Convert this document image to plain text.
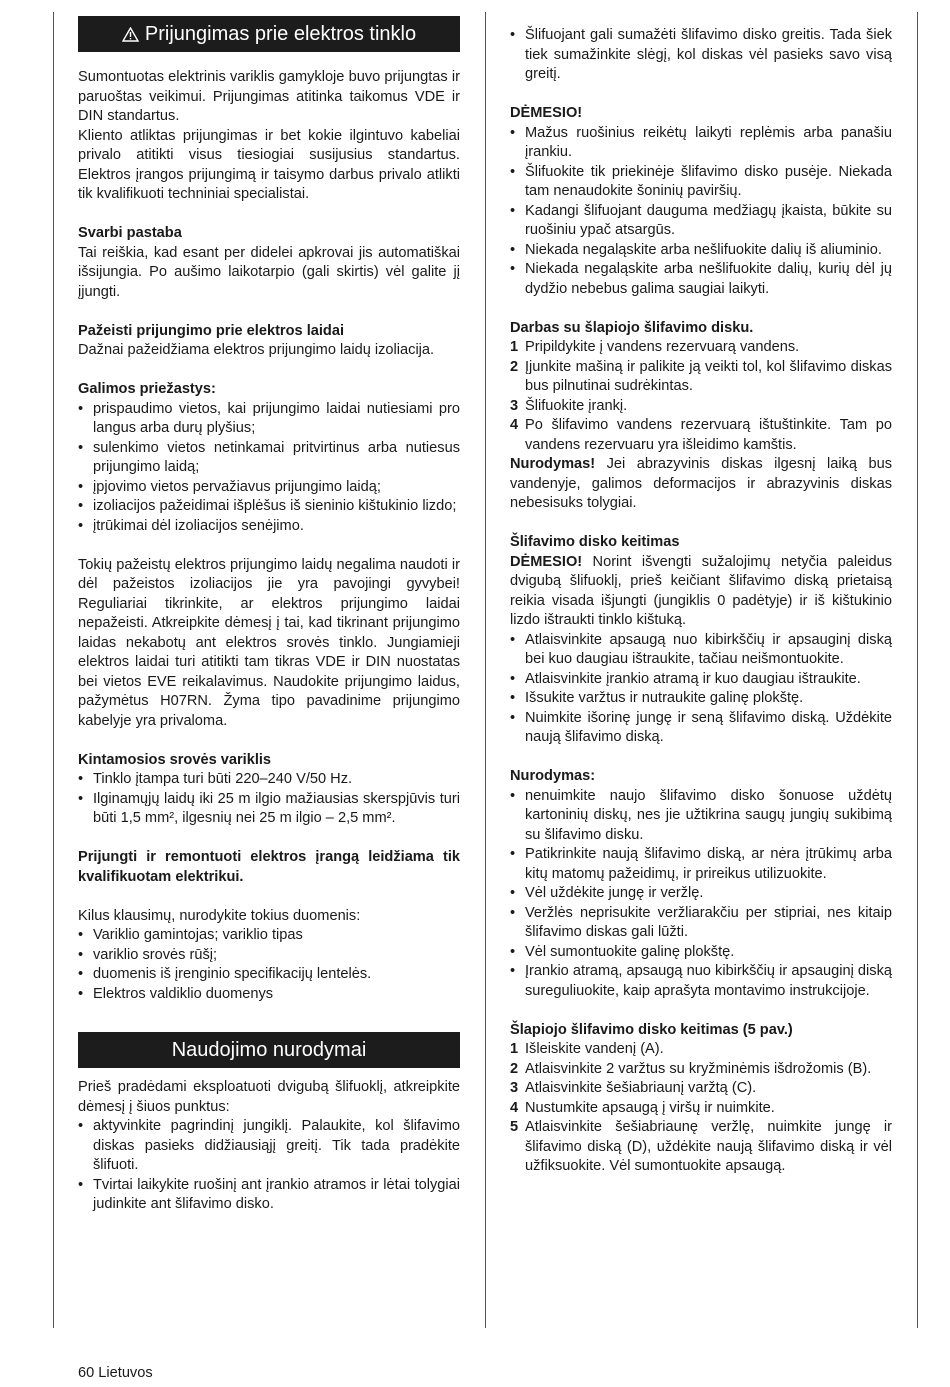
Prijungimas prie elektros tinklo

Sumontuotas elektrinis variklis gamykloje buvo prijungtas ir paruoštas veikimui. Prijungimas atitinka taikomus VDE ir DIN standartus.

Kliento atliktas prijungimas ir bet kokie ilgintuvo kabeliai privalo atitikti visus tiesiogiai susijusius standartus. Elektros įrangos prijungimą ir taisymo darbus privalo atlikti tik kvalifikuoti techniniai specialistai.

Svarbi pastaba

Tai reiškia, kad esant per didelei apkrovai jis automatiškai išsijungia. Po aušimo laikotarpio (gali skirtis) vėl galite jį įjungti.

Pažeisti prijungimo prie elektros laidai

Dažnai pažeidžiama elektros prijungimo laidų izoliacija.

Galimos priežastys:
• prispaudimo vietos, kai prijungimo laidai nutiesiami pro langus arba durų plyšius;
• sulenkimo vietos netinkamai pritvirtinus arba nutiesus prijungimo laidą;
• įpjovimo vietos pervažiavus prijungimo laidą;
• izoliacijos pažeidimai išplėšus iš sieninio kištukinio lizdo;
• įtrūkimai dėl izoliacijos senėjimo.

Tokių pažeistų elektros prijungimo laidų negalima naudoti ir dėl pažeistos izoliacijos jie yra pavojingi gyvybei! Reguliariai tikrinkite, ar elektros prijungimo laidai nepažeisti. Atkreipkite dėmesį į tai, kad tikrinant prijungimo laidas nekabotų ant elektros srovės tinklo. Jungiamieji elektros laidai turi atitikti tam tikras VDE ir DIN nuostatas bei vietos EVE reikalavimus. Naudokite prijungimo laidus, pažymėtus H07RN. Žyma tipo pavadinime prijungimo kabelyje yra privaloma.

Kintamosios srovės variklis
• Tinklo įtampa turi būti 220–240 V/50 Hz.
• Ilginamųjų laidų iki 25 m ilgio mažiausias skerspjūvis turi būti 1,5 mm², ilgesnių nei 25 m ilgio – 2,5 mm².
Prijungti ir remontuoti elektros įrangą leidžiama tik kvalifikuotam elektrikui.

Kilus klausimų, nurodykite tokius duomenis:

• Variklio gamintojas; variklio tipas
• variklio srovės rūšį;
• duomenis iš įrenginio specifikacijų lentelės.
• Elektros valdiklio duomenys
Naudojimo nurodymai

Prieš pradėdami eksploatuoti dvigubą šlifuoklį, atkreipkite dėmesį į šiuos punktus:

• aktyvinkite pagrindinį jungiklį. Palaukite, kol šlifavimo diskas pasieks didžiausiąjį greitį. Tik tada pradėkite šlifuoti.
• Tvirtai laikykite ruošinį ant įrankio atramos ir lėtai tolygiai judinkite ant šlifavimo disko.
• Šlifuojant gali sumažėti šlifavimo disko greitis. Tada šiek tiek sumažinkite slėgį, kol diskas vėl pasieks savo visą greitį.
DĖMESIO!
• Mažus ruošinius reikėtų laikyti replėmis arba panašiu įrankiu.
• Šlifuokite tik priekinėje šlifavimo disko pusėje. Niekada tam nenaudokite šoninių paviršių.
• Kadangi šlifuojant dauguma medžiagų įkaista, būkite su ruošiniu ypač atsargūs.
• Niekada negaląskite arba nešlifuokite dalių iš aliuminio.
• Niekada negaląskite arba nešlifuokite dalių, kurių dėl jų dydžio nebebus galima saugiai laikyti.
Darbas su šlapiojo šlifavimo disku.
1 Pripildykite į vandens rezervuarą vandens.
2 Įjunkite mašiną ir palikite ją veikti tol, kol šlifavimo diskas bus pilnutinai sudrėkintas.
3 Šlifuokite įrankį.
4 Po šlifavimo vandens rezervuarą ištuštinkite. Tam po vandens rezervuaru yra išleidimo kamštis.

Nurodymas! Jei abrazyvinis diskas ilgesnį laiką bus vandenyje, galimos deformacijos ir abrazyvinis diskas nebesisuks tolygiai.

Šlifavimo disko keitimas

DĖMESIO! Norint išvengti sužalojimų netyčia paleidus dvigubą šlifuoklį, prieš keičiant šlifavimo diską prietaisą reikia visada išjungti (jungiklis 0 padėtyje) ir iš kištukinio lizdo ištraukti tinklo kištuką.

• Atlaisvinkite apsaugą nuo kibirkščių ir apsauginį diską bei kuo daugiau ištraukite, tačiau neišmontuokite.
• Atlaisvinkite įrankio atramą ir kuo daugiau ištraukite.
• Išsukite varžtus ir nutraukite galinę plokštę.
• Nuimkite išorinę jungę ir seną šlifavimo diską. Uždėkite naują šlifavimo diską.
Nurodymas:
• nenuimkite naujo šlifavimo disko šonuose uždėtų kartoninių diskų, nes jie užtikrina saugų jungių sukibimą su šlifavimo disku.
• Patikrinkite naują šlifavimo diską, ar nėra įtrūkimų arba kitų matomų pažeidimų, ir prireikus utilizuokite.
• Vėl uždėkite jungę ir veržlę.
• Veržlės neprisukite veržliarakčiu per stipriai, nes kitaip šlifavimo diskas gali lūžti.
• Vėl sumontuokite galinę plokštę.
• Įrankio atramą, apsaugą nuo kibirkščių ir apsauginį diską sureguliuokite, kaip aprašyta montavimo instrukcijoje.
Šlapiojo šlifavimo disko keitimas (5 pav.)
1 Išleiskite vandenį (A).
2 Atlaisvinkite 2 varžtus su kryžminėmis išdrožomis (B).
3 Atlaisvinkite šešiabriaunį varžtą (C).
4 Nustumkite apsaugą į viršų ir nuimkite.
5 Atlaisvinkite šešiabriaunę veržlę, nuimkite jungę ir šlifavimo diską (D), uždėkite naują šlifavimo diską ir vėl užfiksuokite. Vėl sumontuokite apsaugą.
60 Lietuvos
